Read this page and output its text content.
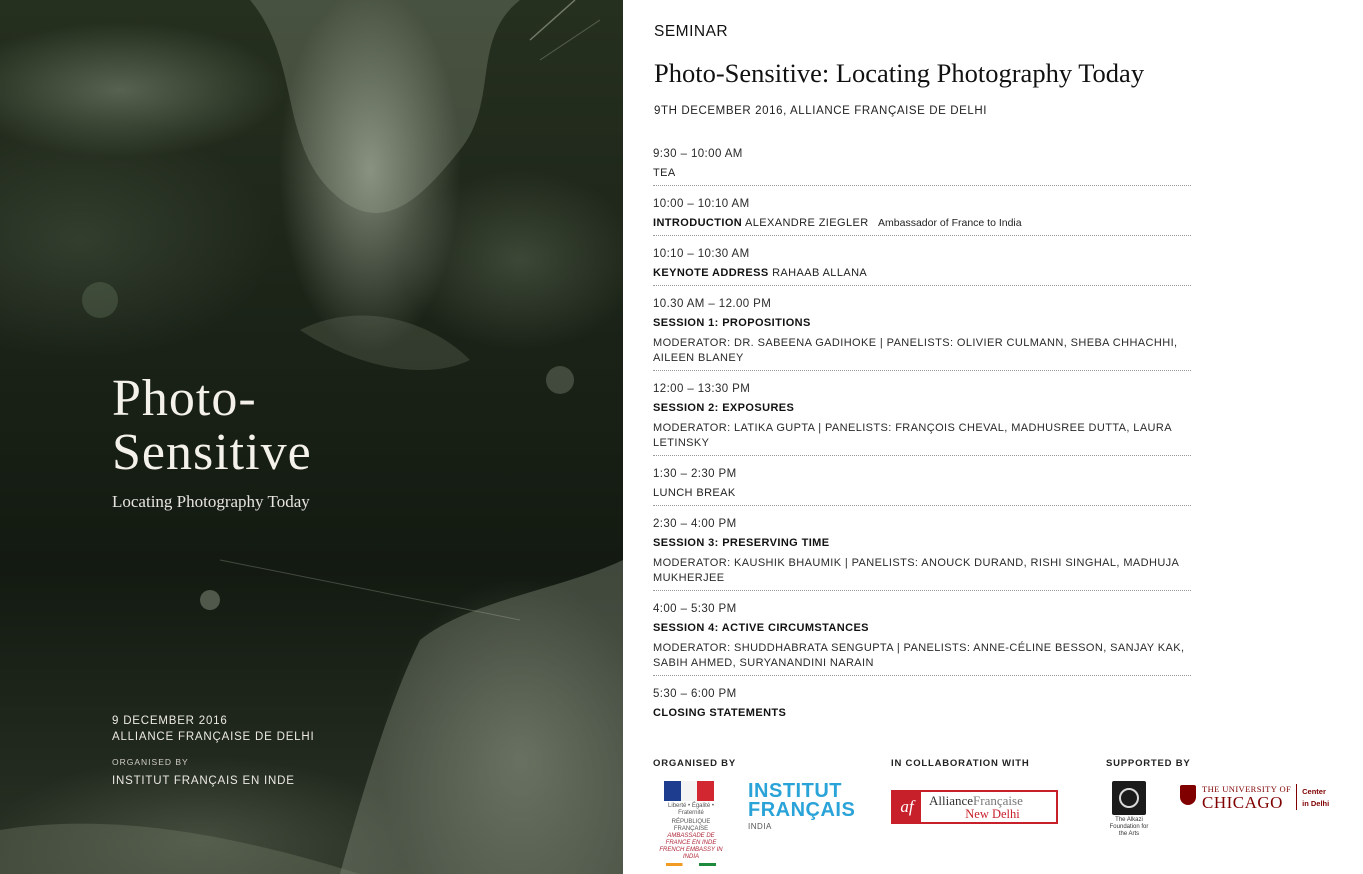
Photo-
Sensitive
Locating Photography Today
9 DECEMBER 2016
ALLIANCE FRANÇAISE DE DELHI
ORGANISED BY
INSTITUT FRANÇAIS EN INDE
SEMINAR
Photo-Sensitive: Locating Photography Today
9TH DECEMBER 2016, ALLIANCE FRANÇAISE DE DELHI
9:30 – 10:00 AM
TEA
10:00 – 10:10 AM
INTRODUCTION ALEXANDRE ZIEGLER Ambassador of France to India
10:10 – 10:30 AM
KEYNOTE ADDRESS RAHAAB ALLANA
10.30 AM – 12.00 PM
SESSION 1: PROPOSITIONS
MODERATOR: DR. SABEENA GADIHOKE | PANELISTS: OLIVIER CULMANN, SHEBA CHHACHHI, AILEEN BLANEY
12:00 – 13:30 PM
SESSION 2: EXPOSURES
MODERATOR: LATIKA GUPTA | PANELISTS: FRANÇOIS CHEVAL, MADHUSREE DUTTA, LAURA LETINSKY
1:30 – 2:30 PM
LUNCH BREAK
2:30 – 4:00 PM
SESSION 3: PRESERVING TIME
MODERATOR: KAUSHIK BHAUMIK | PANELISTS: ANOUCK DURAND, RISHI SINGHAL, MADHUJA MUKHERJEE
4:00 – 5:30 PM
SESSION 4: ACTIVE CIRCUMSTANCES
MODERATOR: SHUDDHABRATA SENGUPTA | PANELISTS: ANNE-CÉLINE BESSON, SANJAY KAK, SABIH AHMED, SURYANANDINI NARAIN
5:30 – 6:00 PM
CLOSING STATEMENTS
ORGANISED BY	IN COLLABORATION WITH	SUPPORTED BY
Liberté • Égalité • Fraternité
RÉPUBLIQUE FRANÇAISE
AMBASSADE DE FRANCE EN INDE
FRENCH EMBASSY IN INDIA
INSTITUT
FRANÇAIS
INDIA
af	AllianceFrançaise
New Delhi	The Alkazi Foundation for the Arts
THE UNIVERSITY OF
CHICAGO
Center
in Delhi
